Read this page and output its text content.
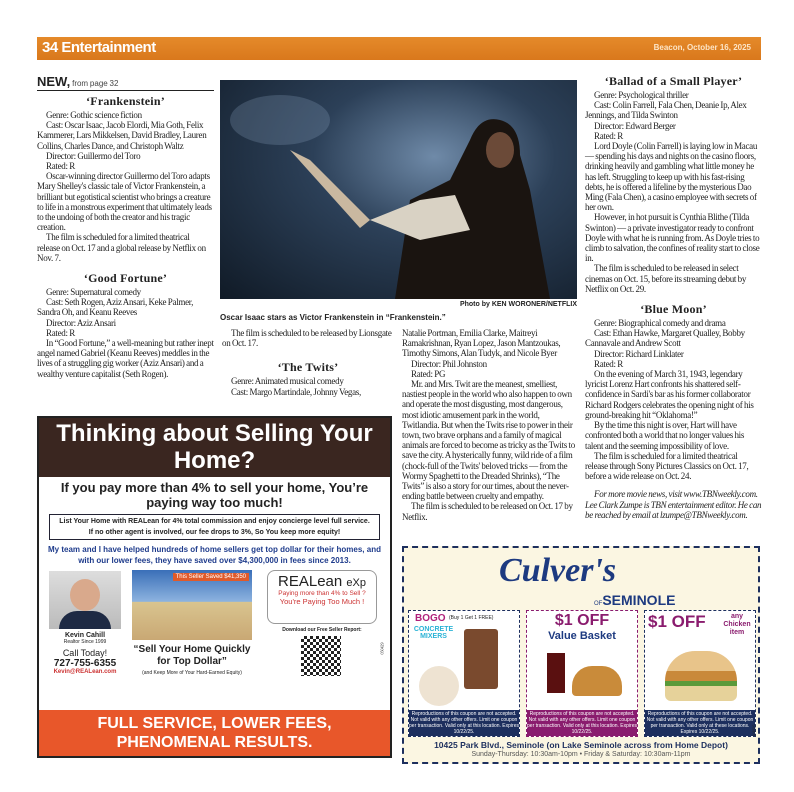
34 Entertainment	Beacon, October 16, 2025
NEW, from page 32
‘Frankenstein’

Genre: Gothic science fiction

Cast: Oscar Isaac, Jacob Elordi, Mia Goth, Felix Kammerer, Lars Mikkelsen, David Bradley, Lauren Collins, Charles Dance, and Christoph Waltz

Director: Guillermo del Toro

Rated: R

Oscar-winning director Guillermo del Toro adapts Mary Shelley's classic tale of Victor Frankenstein, a brilliant but egotistical scientist who brings a creature to life in a monstrous experiment that ultimately leads to the undoing of both the creator and his tragic creation.

The film is scheduled for a limited theatrical release on Oct. 17 and a global release by Netflix on Nov. 7.

‘Good Fortune’

Genre: Supernatural comedy

Cast: Seth Rogen, Aziz Ansari, Keke Palmer, Sandra Oh, and Keanu Reeves

Director: Aziz Ansari

Rated: R

In “Good Fortune,” a well-meaning but rather inept angel named Gabriel (Keanu Reeves) meddles in the lives of a struggling gig worker (Aziz Ansari) and a wealthy venture capitalist (Seth Rogen).

Photo by KEN WORONER/NETFLIX
Oscar Isaac stars as Victor Frankenstein in “Frankenstein.”

The film is scheduled to be released by Lionsgate on Oct. 17.

‘The Twits’

Genre: Animated musical comedy

Cast: Margo Martindale, Johnny Vegas,

Natalie Portman, Emilia Clarke, Maitreyi Ramakrishnan, Ryan Lopez, Jason Mantzoukas, Timothy Simons, Alan Tudyk, and Nicole Byer

Director: Phil Johnston

Rated: PG

Mr. and Mrs. Twit are the meanest, smelliest, nastiest people in the world who also happen to own and operate the most disgusting, most dangerous, most idiotic amusement park in the world, Twitlandia. But when the Twits rise to power in their town, two brave orphans and a family of magical animals are forced to become as tricky as the Twits to save the city. A hysterically funny, wild ride of a film (chock-full of the Twits' beloved tricks — from the Wormy Spaghetti to the Dreaded Shrinks), “The Twits” is also a story for our times, about the never-ending battle between cruelty and empathy.

The film is scheduled to be released on Oct. 17 by Netflix.

‘Ballad of a Small Player’

Genre: Psychological thriller

Cast: Colin Farrell, Fala Chen, Deanie Ip, Alex Jennings, and Tilda Swinton

Director: Edward Berger

Rated: R

Lord Doyle (Colin Farrell) is laying low in Macau — spending his days and nights on the casino floors, drinking heavily and gambling what little money he has left. Struggling to keep up with his fast-rising debts, he is offered a lifeline by the mysterious Dao Ming (Fala Chen), a casino employee with secrets of her own.

However, in hot pursuit is Cynthia Blithe (Tilda Swinton) — a private investigator ready to confront Doyle with what he is running from. As Doyle tries to climb to salvation, the confines of reality start to close in.

The film is scheduled to be released in select cinemas on Oct. 15, before its streaming debut by Netflix on Oct. 29.

‘Blue Moon’

Genre: Biographical comedy and drama

Cast: Ethan Hawke, Margaret Qualley, Bobby Cannavale and Andrew Scott

Director: Richard Linklater

Rated: R

On the evening of March 31, 1943, legendary lyricist Lorenz Hart confronts his shattered self-confidence in Sardi's bar as his former collaborator Richard Rodgers celebrates the opening night of his ground-breaking hit “Oklahoma!”

By the time this night is over, Hart will have confronted both a world that no longer values his talent and the seeming impossibility of love.

The film is scheduled for a limited theatrical release through Sony Pictures Classics on Oct. 17, before a wide release on Oct. 24.

For more movie news, visit www.TBNweekly.com. Lee Clark Zumpe is TBN entertainment editor. He can be reached by email at lzumpe@TBNweekly.com.

Thinking about Selling Your Home?
If you pay more than 4% to sell your home, You’re paying way too much!
List Your Home with REALean for 4% total commission and enjoy concierge level full service.
If no other agent is involved, our fee drops to 3%, So You keep more equity!
My team and I have helped hundreds of home sellers get top dollar for their homes, and with our lower fees, they have saved over $4,300,000 in fees since 2013.
Kevin Cahill
Realtor Since 1999
Call Today!
727-755-6355
Kevin@REALean.com
This Seller Saved $41,350
“Sell Your Home Quickly for Top Dollar”
(and Keep More of Your Hard-Earned Equity)
REALean eXp
Paying more than 4% to Sell ?
You're Paying Too Much !
Download our Free Seller Report:
050429
FULL SERVICE, LOWER FEES, PHENOMENAL RESULTS.
Culver's
OFSEMINOLE
BOGO (Buy 1 Get 1 FREE)
CONCRETE MIXERS
Reproductions of this coupon are not accepted. Not valid with any other offers. Limit one coupon per transaction. Valid only at this location. Expires 10/22/25.
$1 OFF
Value Basket
Reproductions of this coupon are not accepted. Not valid with any other offers. Limit one coupon per transaction. Valid only at this location. Expires 10/22/25.
$1 OFF	any Chicken item
Reproductions of this coupon are not accepted. Not valid with any other offers. Limit one coupon per transaction. Valid only at these locations. Expires 10/22/25.
10425 Park Blvd., Seminole (on Lake Seminole across from Home Depot)
Sunday-Thursday: 10:30am-10pm • Friday & Saturday: 10:30am-11pm
101625
